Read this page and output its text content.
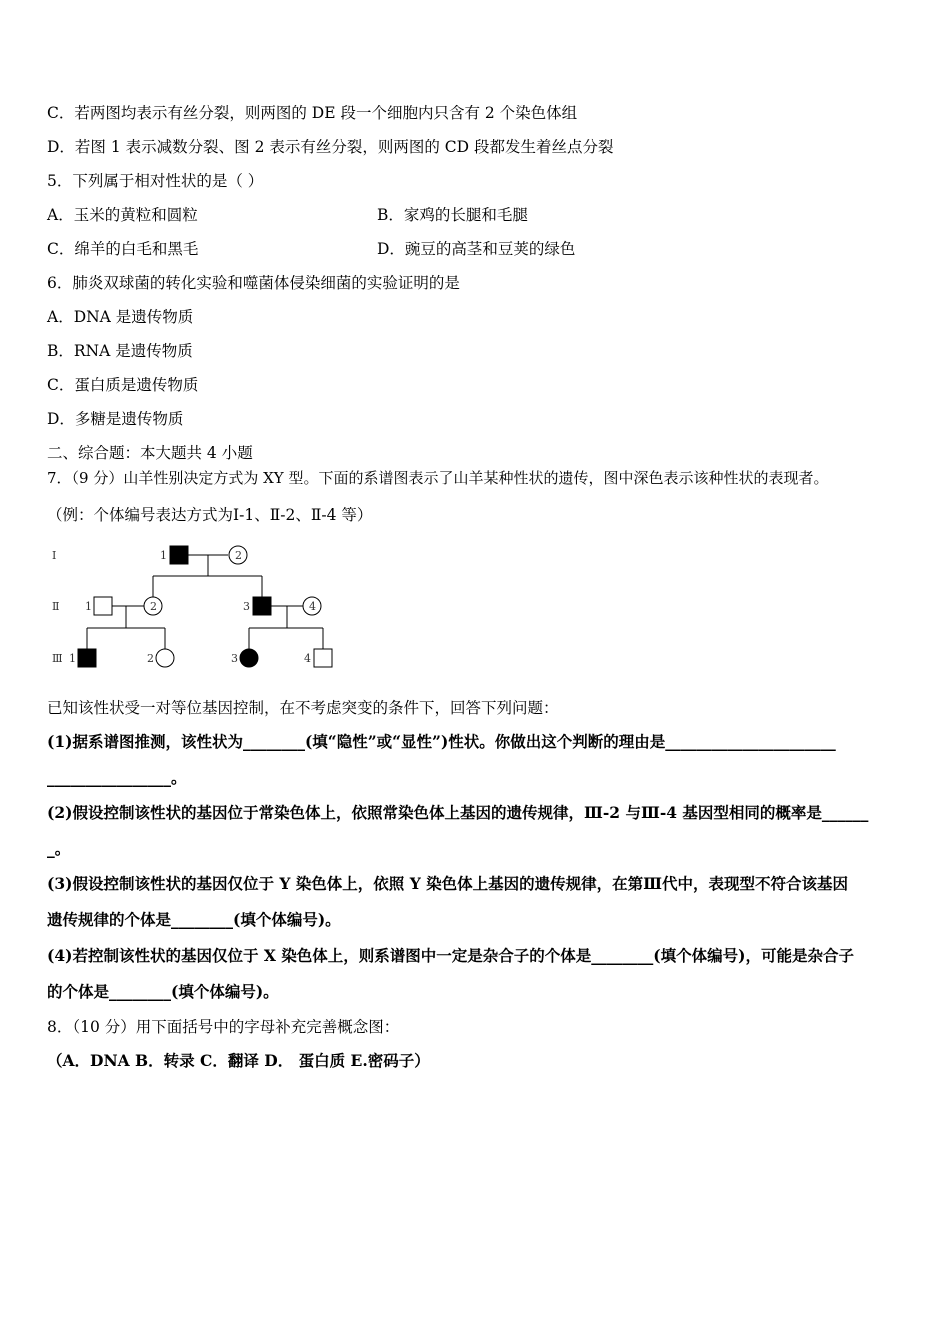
C．若两图均表示有丝分裂，则两图的 DE 段一个细胞内只含有 2 个染色体组
D．若图 1 表示减数分裂、图 2 表示有丝分裂，则两图的 CD 段都发生着丝点分裂
5．下列属于相对性状的是（ ）
A．玉米的黄粒和圆粒	B．家鸡的长腿和毛腿
C．绵羊的白毛和黑毛	D．豌豆的高茎和豆荚的绿色
6．肺炎双球菌的转化实验和噬菌体侵染细菌的实验证明的是
A．DNA 是遗传物质
B．RNA 是遗传物质
C．蛋白质是遗传物质
D．多糖是遗传物质
二、综合题：本大题共 4 小题
7．（9 分）山羊性别决定方式为 XY 型。下面的系谱图表示了山羊某种性状的遗传，图中深色表示该种性状的表现者。
（例：个体编号表达方式为Ⅰ-1、Ⅱ-2、Ⅱ-4 等）
Ⅰ
Ⅱ
Ⅲ
1	2
1	2	3	4
1	2	3	4
已知该性状受一对等位基因控制，在不考虑突变的条件下，回答下列问题：
(1)据系谱图推测，该性状为________(填“隐性”或“显性”)性状。你做出这个判断的理由是______________________
________________。
(2)假设控制该性状的基因位于常染色体上，依照常染色体上基因的遗传规律，Ⅲ-2 与Ⅲ-4 基因型相同的概率是______
_。
(3)假设控制该性状的基因仅位于 Y 染色体上，依照 Y 染色体上基因的遗传规律，在第Ⅲ代中，表现型不符合该基因
遗传规律的个体是________(填个体编号)。
(4)若控制该性状的基因仅位于 X 染色体上，则系谱图中一定是杂合子的个体是________(填个体编号)，可能是杂合子
的个体是________(填个体编号)。
8．（10 分）用下面括号中的字母补充完善概念图：
（A．DNA B．转录 C．翻译 D． 蛋白质 E.密码子）
